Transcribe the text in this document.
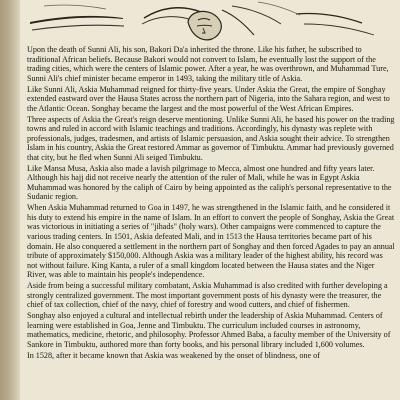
Upon the death of Sunni Ali, his son, Bakori Da'a inherited the throne. Like his father, he subscribed to traditional African beliefs. Because Bakori would not convert to Islam, he eventually lost the support of the trading cities, which were the centers of Islamic power. After a year, he was overthrown, and Muhammad Ture, Sunni Ali's chief minister became emperor in 1493, taking the military title of Askia.

Like Sunni Ali, Askia Muhammad reigned for thirty-five years. Under Askia the Great, the empire of Songhay extended eastward over the Hausa States across the northern part of Nigeria, into the Sahara region, and west to the Atlantic Ocean. Songhay became the largest and the most powerful of the West African Empires.

Three aspects of Askia the Great's reign deserve mentioning. Unlike Sunni Ali, he based his power on the trading towns and ruled in accord with Islamic teachings and traditions. Accordingly, his dynasty was replete with professionals, judges, tradesmen, and artists of Islamic persuasion, and Askia sought their advice. To strengthen Islam in his country, Askia the Great restored Ammar as governor of Timbuktu. Ammar had previously governed that city, but he fled when Sunni Ali seiged Timbuktu.

Like Mansa Musa, Askia also made a lavish pilgrimage to Mecca, almost one hundred and fifty years later. Although his hajj did not receive nearly the attention of the ruler of Mali, while he was in Egypt Askia Muhammad was honored by the caliph of Cairo by being appointed as the caliph's personal representative to the Sudanic region.

When Askia Muhammad returned to Goa in 1497, he was strengthened in the Islamic faith, and he considered it his duty to extend his empire in the name of Islam. In an effort to convert the people of Songhay, Askia the Great was victorious in initiating a series of "jihads" (holy wars). Other campaigns were commenced to capture the various trading centers. In 1501, Askia defeated Mali, and in 1513 the Hausa territories became part of his domain. He also conquered a settlement in the northern part of Songhay and then forced Agades to pay an annual tribute of approximately $150,000. Although Askia was a military leader of the highest ability, his record was not without failure. King Kanta, a ruler of a small kingdom located between the Hausa states and the Niger River, was able to maintain his people's independence.

Aside from being a successful military combatant, Askia Muhammad is also credited with further developing a strongly centralized government. The most important government posts of his dynasty were the treasurer, the chief of tax collection, chief of the navy, chief of forestry and wood cutters, and chief of fishermen.

Songhay also enjoyed a cultural and intellectual rebirth under the leadership of Askia Muhammad. Centers of learning were established in Goa, Jenne and Timbuktu. The curriculum included courses in astronomy, mathematics, medicine, rhetoric, and philosophy. Professor Ahmed Baba, a faculty member of the University of Sankore in Timbuktu, authored more than forty books, and his personal library included 1,600 volumes.

In 1528, after it became known that Askia was weakened by the onset of blindness, one of
